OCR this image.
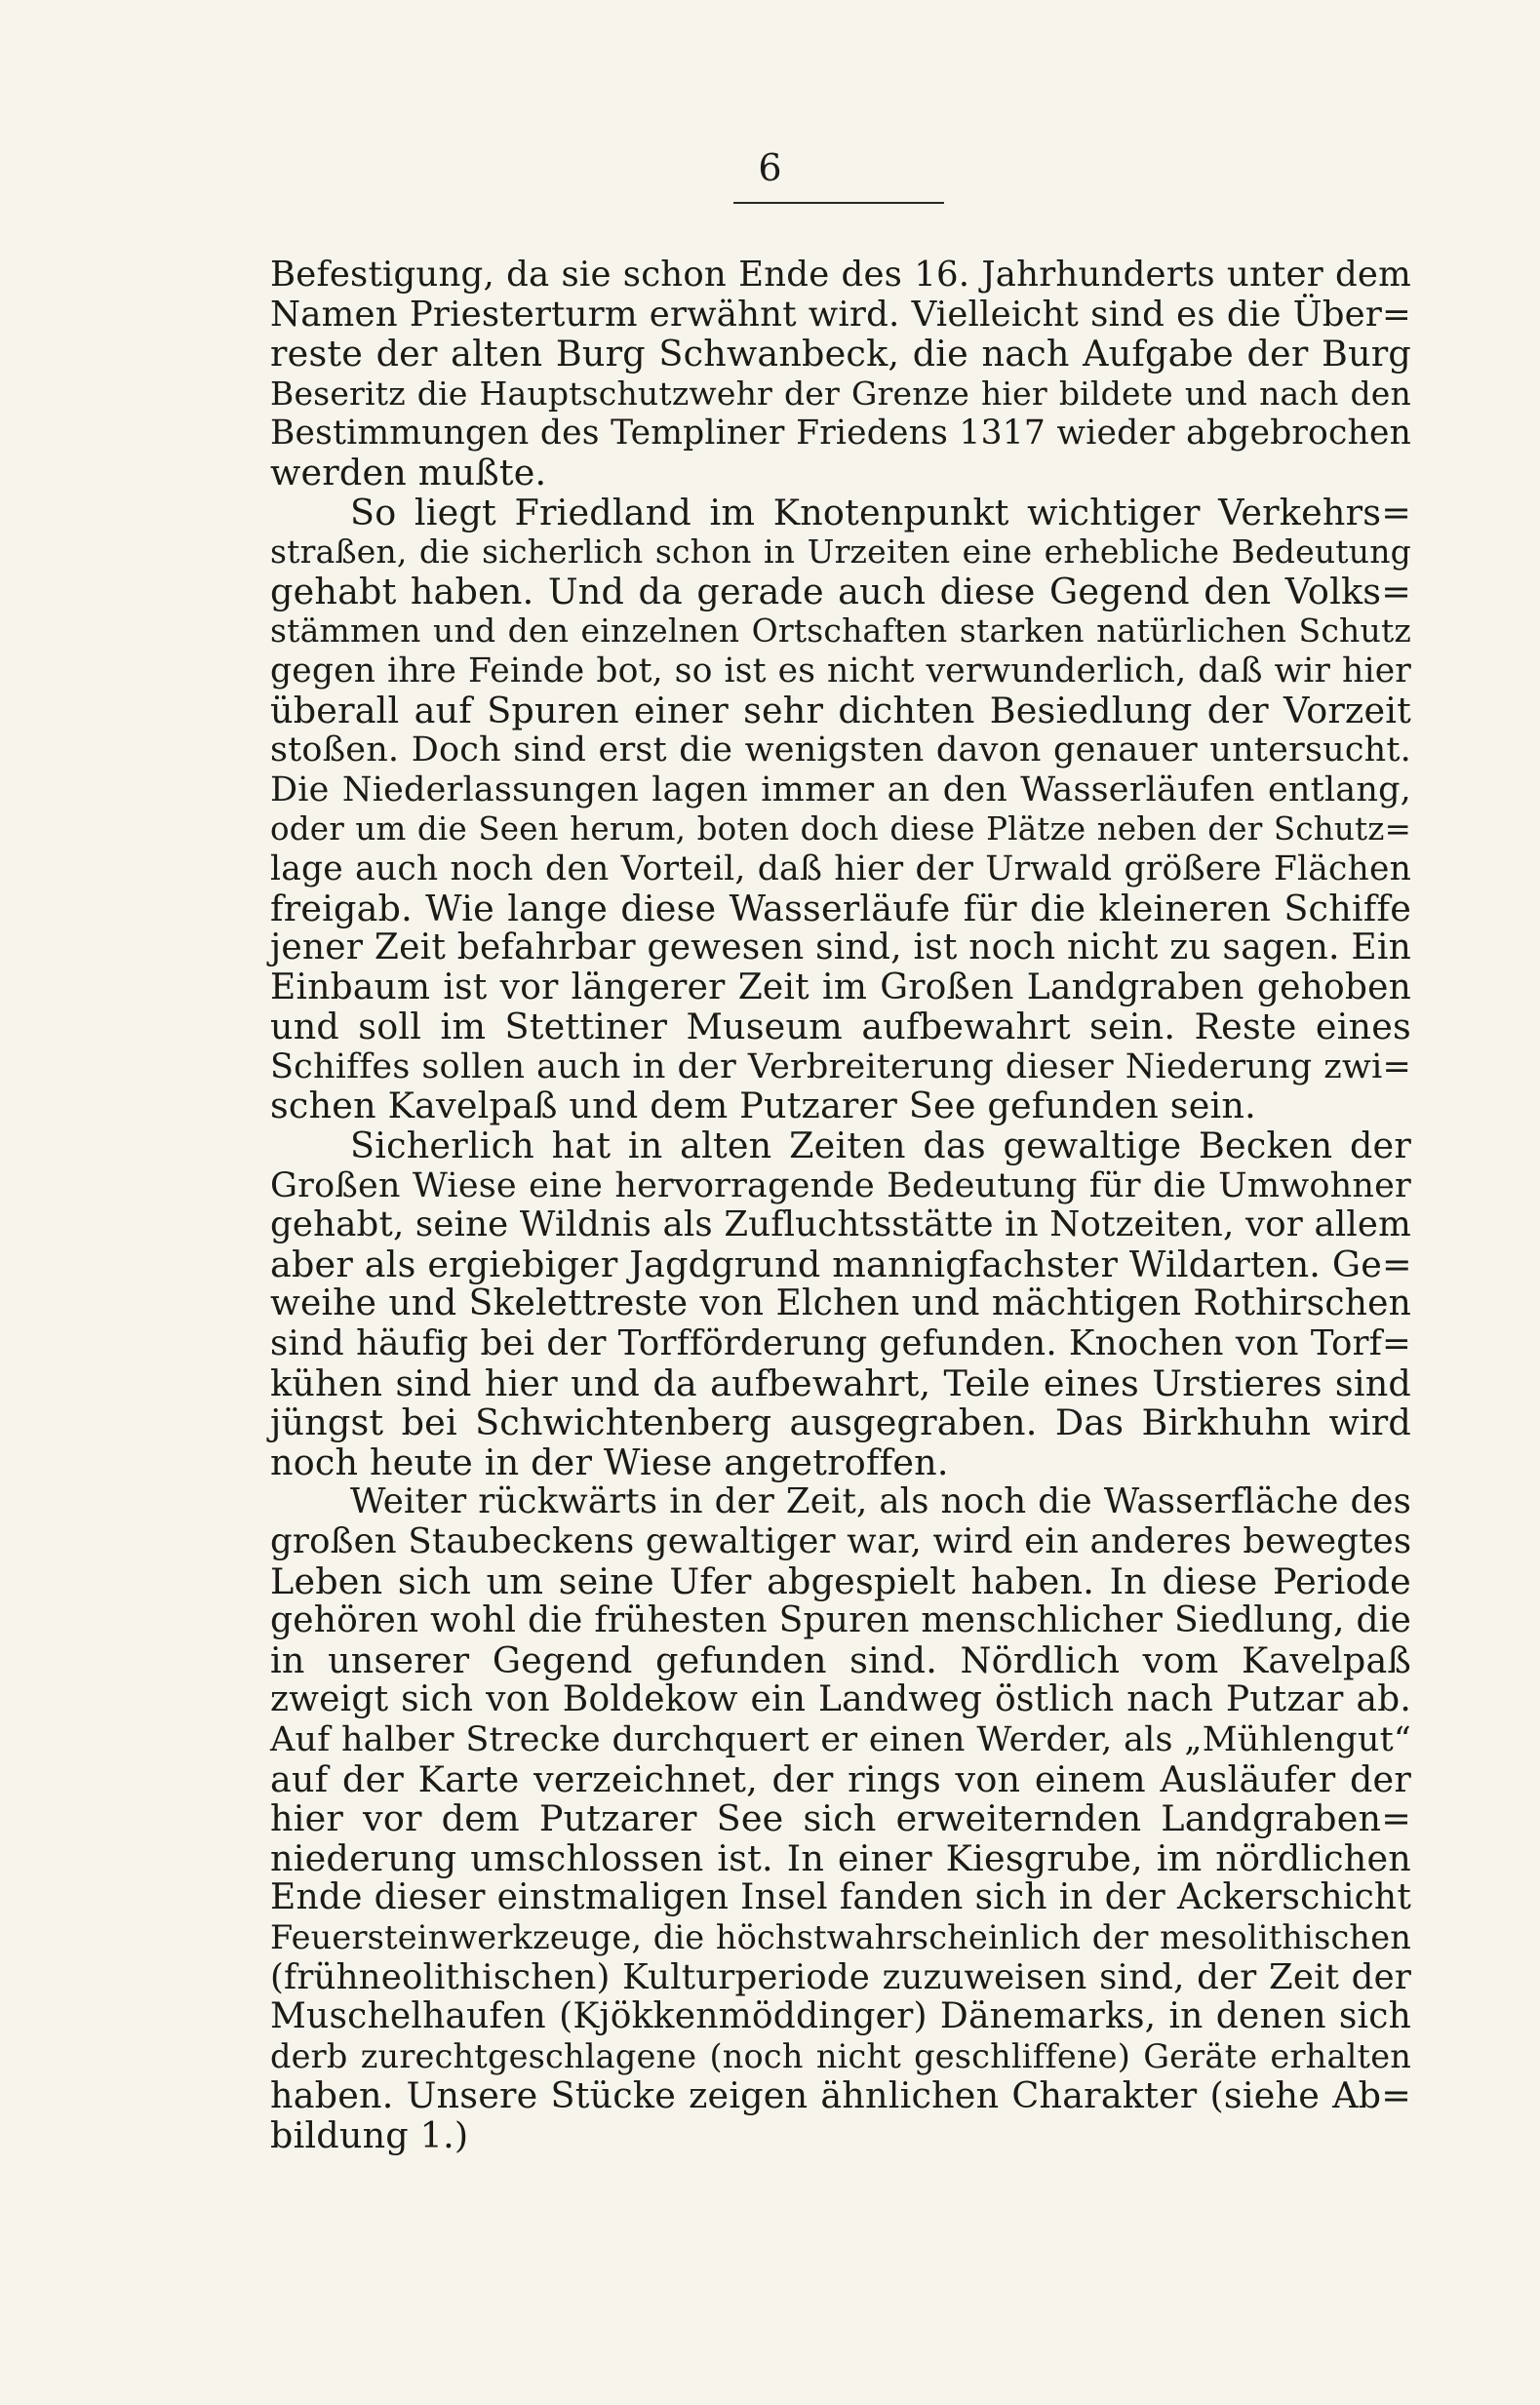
6
Befestigung, da sie schon Ende des 16. Jahrhunderts unter dem
Namen Priesterturm erwähnt wird. Vielleicht sind es die Über=
reste der alten Burg Schwanbeck, die nach Aufgabe der Burg
Beseritz die Hauptschutzwehr der Grenze hier bildete und nach den
Bestimmungen des Templiner Friedens 1317 wieder abgebrochen
werden mußte.
So liegt Friedland im Knotenpunkt wichtiger Verkehrs=
straßen, die sicherlich schon in Urzeiten eine erhebliche Bedeutung
gehabt haben. Und da gerade auch diese Gegend den Volks=
stämmen und den einzelnen Ortschaften starken natürlichen Schutz
gegen ihre Feinde bot, so ist es nicht verwunderlich, daß wir hier
überall auf Spuren einer sehr dichten Besiedlung der Vorzeit
stoßen. Doch sind erst die wenigsten davon genauer untersucht.
Die Niederlassungen lagen immer an den Wasserläufen entlang,
oder um die Seen herum, boten doch diese Plätze neben der Schutz=
lage auch noch den Vorteil, daß hier der Urwald größere Flächen
freigab. Wie lange diese Wasserläufe für die kleineren Schiffe
jener Zeit befahrbar gewesen sind, ist noch nicht zu sagen. Ein
Einbaum ist vor längerer Zeit im Großen Landgraben gehoben
und soll im Stettiner Museum aufbewahrt sein. Reste eines
Schiffes sollen auch in der Verbreiterung dieser Niederung zwi=
schen Kavelpaß und dem Putzarer See gefunden sein.
Sicherlich hat in alten Zeiten das gewaltige Becken der
Großen Wiese eine hervorragende Bedeutung für die Umwohner
gehabt, seine Wildnis als Zufluchtsstätte in Notzeiten, vor allem
aber als ergiebiger Jagdgrund mannigfachster Wildarten. Ge=
weihe und Skelettreste von Elchen und mächtigen Rothirschen
sind häufig bei der Torfförderung gefunden. Knochen von Torf=
kühen sind hier und da aufbewahrt, Teile eines Urstieres sind
jüngst bei Schwichtenberg ausgegraben. Das Birkhuhn wird
noch heute in der Wiese angetroffen.
Weiter rückwärts in der Zeit, als noch die Wasserfläche des
großen Staubeckens gewaltiger war, wird ein anderes bewegtes
Leben sich um seine Ufer abgespielt haben. In diese Periode
gehören wohl die frühesten Spuren menschlicher Siedlung, die
in unserer Gegend gefunden sind. Nördlich vom Kavelpaß
zweigt sich von Boldekow ein Landweg östlich nach Putzar ab.
Auf halber Strecke durchquert er einen Werder, als „Mühlengut“
auf der Karte verzeichnet, der rings von einem Ausläufer der
hier vor dem Putzarer See sich erweiternden Landgraben=
niederung umschlossen ist. In einer Kiesgrube, im nördlichen
Ende dieser einstmaligen Insel fanden sich in der Ackerschicht
Feuersteinwerkzeuge, die höchstwahrscheinlich der mesolithischen
(frühneolithischen) Kulturperiode zuzuweisen sind, der Zeit der
Muschelhaufen (Kjökkenmöddinger) Dänemarks, in denen sich
derb zurechtgeschlagene (noch nicht geschliffene) Geräte erhalten
haben. Unsere Stücke zeigen ähnlichen Charakter (siehe Ab=
bildung 1.)
